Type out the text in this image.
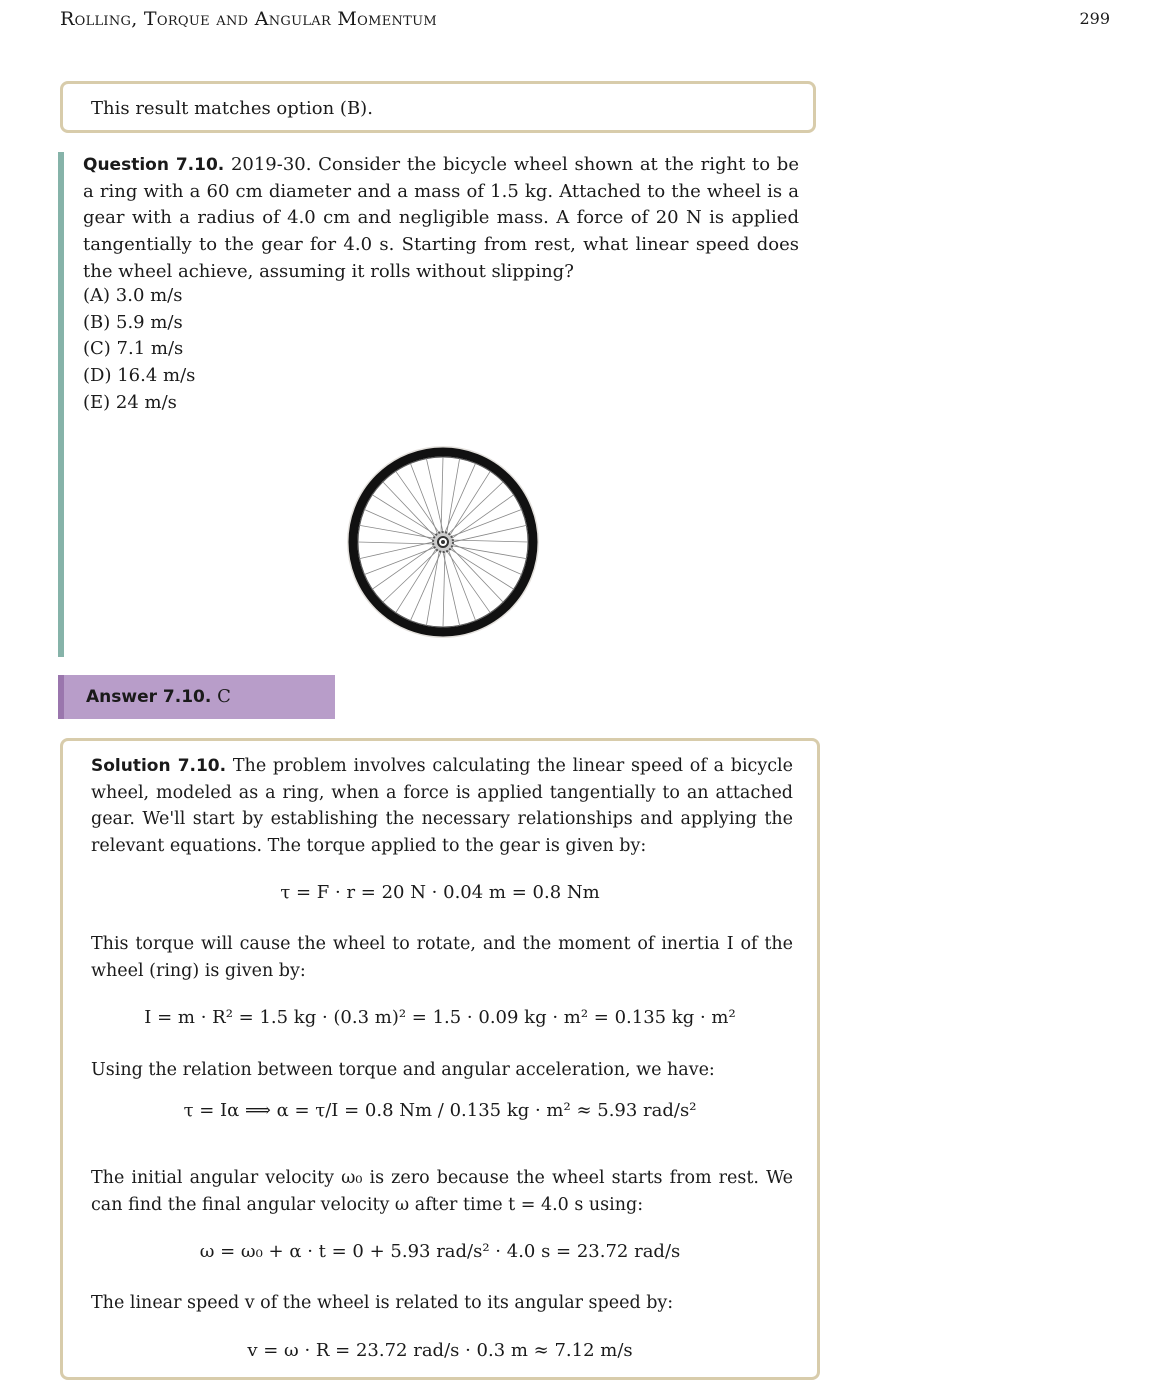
Rolling, Torque and Angular Momentum	299

This result matches option (B).

Question 7.10. 2019-30. Consider the bicycle wheel shown at the right to be a ring with a 60 cm diameter and a mass of 1.5 kg. Attached to the wheel is a gear with a radius of 4.0 cm and negligible mass. A force of 20 N is applied tangentially to the gear for 4.0 s. Starting from rest, what linear speed does the wheel achieve, assuming it rolls without slipping?
(A) 3.0 m/s
(B) 5.9 m/s
(C) 7.1 m/s
(D) 16.4 m/s
(E) 24 m/s
Answer 7.10. C

Solution 7.10. The problem involves calculating the linear speed of a bicycle wheel, modeled as a ring, when a force is applied tangentially to an attached gear. We'll start by establishing the necessary relationships and applying the relevant equations. The torque applied to the gear is given by:

τ = F · r = 20 N · 0.04 m = 0.8 Nm

This torque will cause the wheel to rotate, and the moment of inertia I of the wheel (ring) is given by:

I = m · R² = 1.5 kg · (0.3 m)² = 1.5 · 0.09 kg · m² = 0.135 kg · m²

Using the relation between torque and angular acceleration, we have:

τ = Iα ⟹ α = τ/I = 0.8 Nm / 0.135 kg · m² ≈ 5.93 rad/s²

The initial angular velocity ω₀ is zero because the wheel starts from rest. We can find the final angular velocity ω after time t = 4.0 s using:

ω = ω₀ + α · t = 0 + 5.93 rad/s² · 4.0 s = 23.72 rad/s

The linear speed v of the wheel is related to its angular speed by:

v = ω · R = 23.72 rad/s · 0.3 m ≈ 7.12 m/s
